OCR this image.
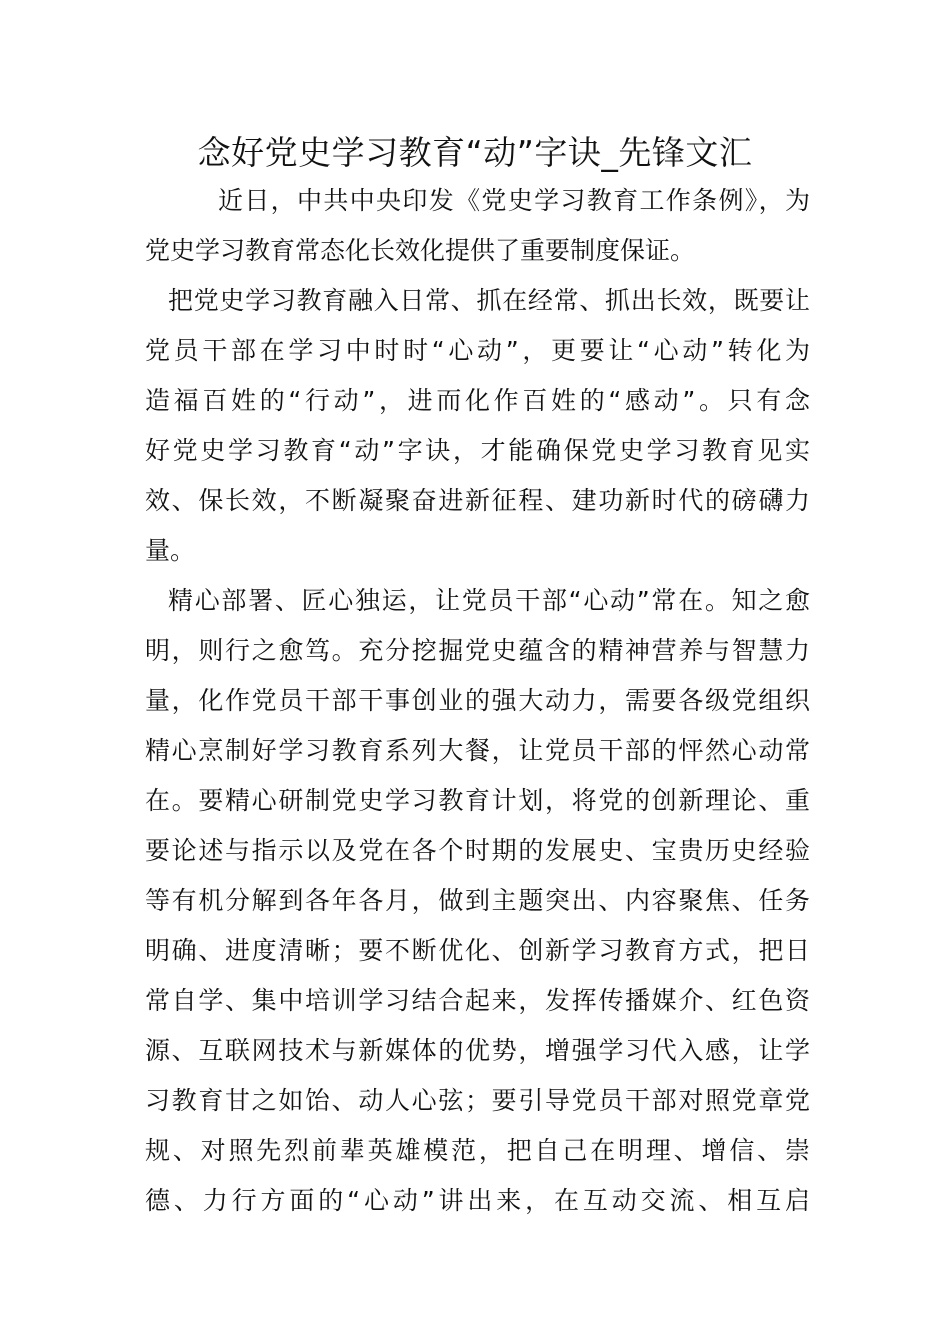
念好党史学习教育“动”字诀_先锋文汇
近日，中共中央印发《党史学习教育工作条例》，为
党史学习教育常态化长效化提供了重要制度保证。
把党史学习教育融入日常、抓在经常、抓出长效，既要让
党员干部在学习中时时“心动”，更要让“心动”转化为
造福百姓的“行动”，进而化作百姓的“感动”。只有念
好党史学习教育“动”字诀，才能确保党史学习教育见实
效、保长效，不断凝聚奋进新征程、建功新时代的磅礴力
量。
精心部署、匠心独运，让党员干部“心动”常在。知之愈
明，则行之愈笃。充分挖掘党史蕴含的精神营养与智慧力
量，化作党员干部干事创业的强大动力，需要各级党组织
精心烹制好学习教育系列大餐，让党员干部的怦然心动常
在。要精心研制党史学习教育计划，将党的创新理论、重
要论述与指示以及党在各个时期的发展史、宝贵历史经验
等有机分解到各年各月，做到主题突出、内容聚焦、任务
明确、进度清晰；要不断优化、创新学习教育方式，把日
常自学、集中培训学习结合起来，发挥传播媒介、红色资
源、互联网技术与新媒体的优势，增强学习代入感，让学
习教育甘之如饴、动人心弦；要引导党员干部对照党章党
规、对照先烈前辈英雄模范，把自己在明理、增信、崇
德、力行方面的“心动”讲出来，在互动交流、相互启
